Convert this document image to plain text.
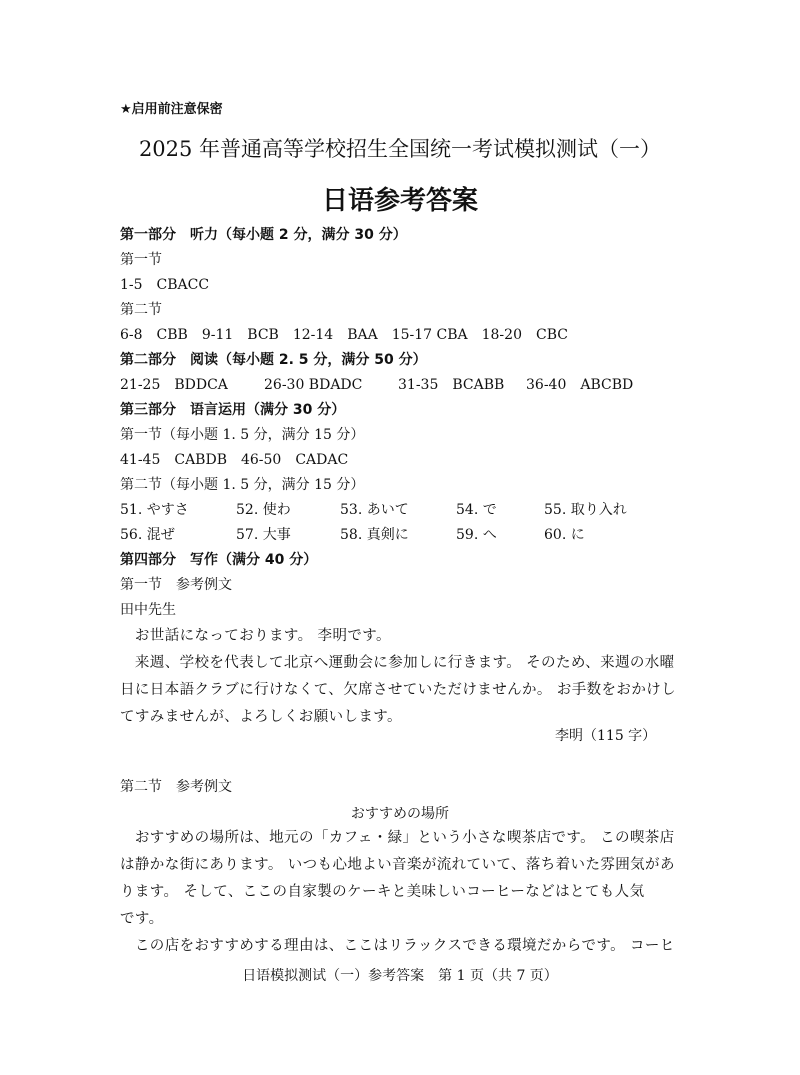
★启用前注意保密
2025 年普通高等学校招生全国统一考试模拟测试（一）
日语参考答案
第一部分　听力（每小题 2 分，满分 30 分）
第一节
1-5　CBACC
第二节
6-8　CBB　9-11　BCB　12-14　BAA　15-17 CBA　18-20　CBC
第二部分　阅读（每小题 2. 5 分，满分 50 分）
21-25　BDDCA	26-30 BDADC	31-35　BCABB 36-40　ABCBD
第三部分　语言运用（满分 30 分）
第一节（每小题 1. 5 分，满分 15 分）
41-45　CABDB　46-50　CADAC
第二节（每小题 1. 5 分，满分 15 分）
51. やすさ	52. 使わ	53. あいて	54. で	55. 取り入れ
56. 混ぜ	57. 大事	58. 真剣に	59. へ	60. に
第四部分　写作（满分 40 分）
第一节　参考例文
田中先生
　お世話になっております。 李明です。
　来週、学校を代表して北京へ運動会に参加しに行きます。 そのため、来週の水曜
日に日本語クラブに行けなくて、欠席させていただけませんか。 お手数をおかけし
てすみませんが、よろしくお願いします。
李明（115 字）
第二节　参考例文
おすすめの場所
　おすすめの場所は、地元の「カフェ・緑」という小さな喫茶店です。 この喫茶店
は静かな街にあります。 いつも心地よい音楽が流れていて、落ち着いた雰囲気があ
ります。 そして、ここの自家製のケーキと美味しいコーヒーなどはとても人気
です。
　この店をおすすめする理由は、ここはリラックスできる環境だからです。 コーヒ
日语模拟测试（一）参考答案　第 1 页（共 7 页）
